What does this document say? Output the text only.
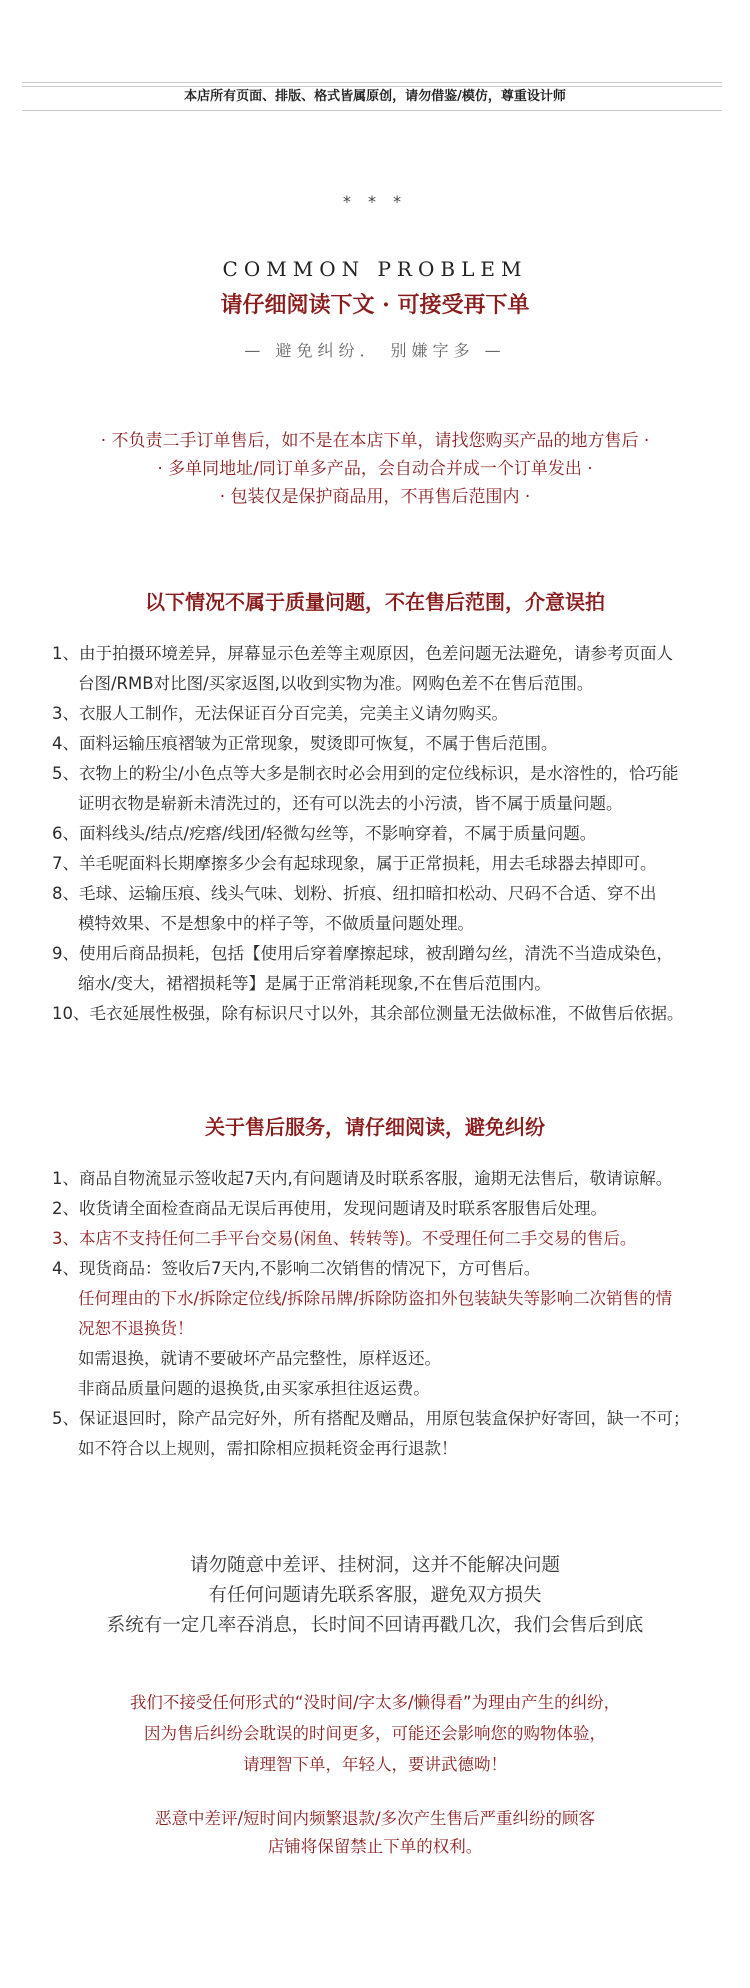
本店所有页面、排版、格式皆属原创，请勿借鉴/模仿，尊重设计师
* * *
COMMON PROBLEM
请仔细阅读下文 · 可接受再下单
— 避免纠纷． 别嫌字多 —
· 不负责二手订单售后，如不是在本店下单，请找您购买产品的地方售后 ·
· 多单同地址/同订单多产品，会自动合并成一个订单发出 ·
· 包装仅是保护商品用，不再售后范围内 ·
以下情况不属于质量问题，不在售后范围，介意误拍
1、由于拍摄环境差异，屏幕显示色差等主观原因，色差问题无法避免，请参考页面人
台图/RMB对比图/买家返图,以收到实物为准。网购色差不在售后范围。
3、衣服人工制作，无法保证百分百完美，完美主义请勿购买。
4、面料运输压痕褶皱为正常现象，熨烫即可恢复，不属于售后范围。
5、衣物上的粉尘/小色点等大多是制衣时必会用到的定位线标识，是水溶性的，恰巧能
证明衣物是崭新未清洗过的，还有可以洗去的小污渍，皆不属于质量问题。
6、面料线头/结点/疙瘩/线团/轻微勾丝等，不影响穿着，不属于质量问题。
7、羊毛呢面料长期摩擦多少会有起球现象，属于正常损耗，用去毛球器去掉即可。
8、毛球、运输压痕、线头气味、划粉、折痕、纽扣暗扣松动、尺码不合适、穿不出
模特效果、不是想象中的样子等，不做质量问题处理。
9、使用后商品损耗，包括【使用后穿着摩擦起球，被刮蹭勾丝，清洗不当造成染色，
缩水/变大，裙褶损耗等】是属于正常消耗现象,不在售后范围内。
10、毛衣延展性极强，除有标识尺寸以外，其余部位测量无法做标准，不做售后依据。
关于售后服务，请仔细阅读，避免纠纷
1、商品自物流显示签收起7天内,有问题请及时联系客服，逾期无法售后，敬请谅解。
2、收货请全面检查商品无误后再使用，发现问题请及时联系客服售后处理。
3、本店不支持任何二手平台交易(闲鱼、转转等)。不受理任何二手交易的售后。
4、现货商品：签收后7天内,不影响二次销售的情况下，方可售后。
任何理由的下水/拆除定位线/拆除吊牌/拆除防盗扣外包装缺失等影响二次销售的情
况恕不退换货！
如需退换，就请不要破坏产品完整性，原样返还。
非商品质量问题的退换货,由买家承担往返运费。
5、保证退回时，除产品完好外，所有搭配及赠品，用原包装盒保护好寄回，缺一不可；
如不符合以上规则，需扣除相应损耗资金再行退款！
请勿随意中差评、挂树洞，这并不能解决问题
有任何问题请先联系客服，避免双方损失
系统有一定几率吞消息，长时间不回请再戳几次，我们会售后到底
我们不接受任何形式的“没时间/字太多/懒得看”为理由产生的纠纷，
因为售后纠纷会耽误的时间更多，可能还会影响您的购物体验，
请理智下单，年轻人，要讲武德呦！
恶意中差评/短时间内频繁退款/多次产生售后严重纠纷的顾客
店铺将保留禁止下单的权利。
